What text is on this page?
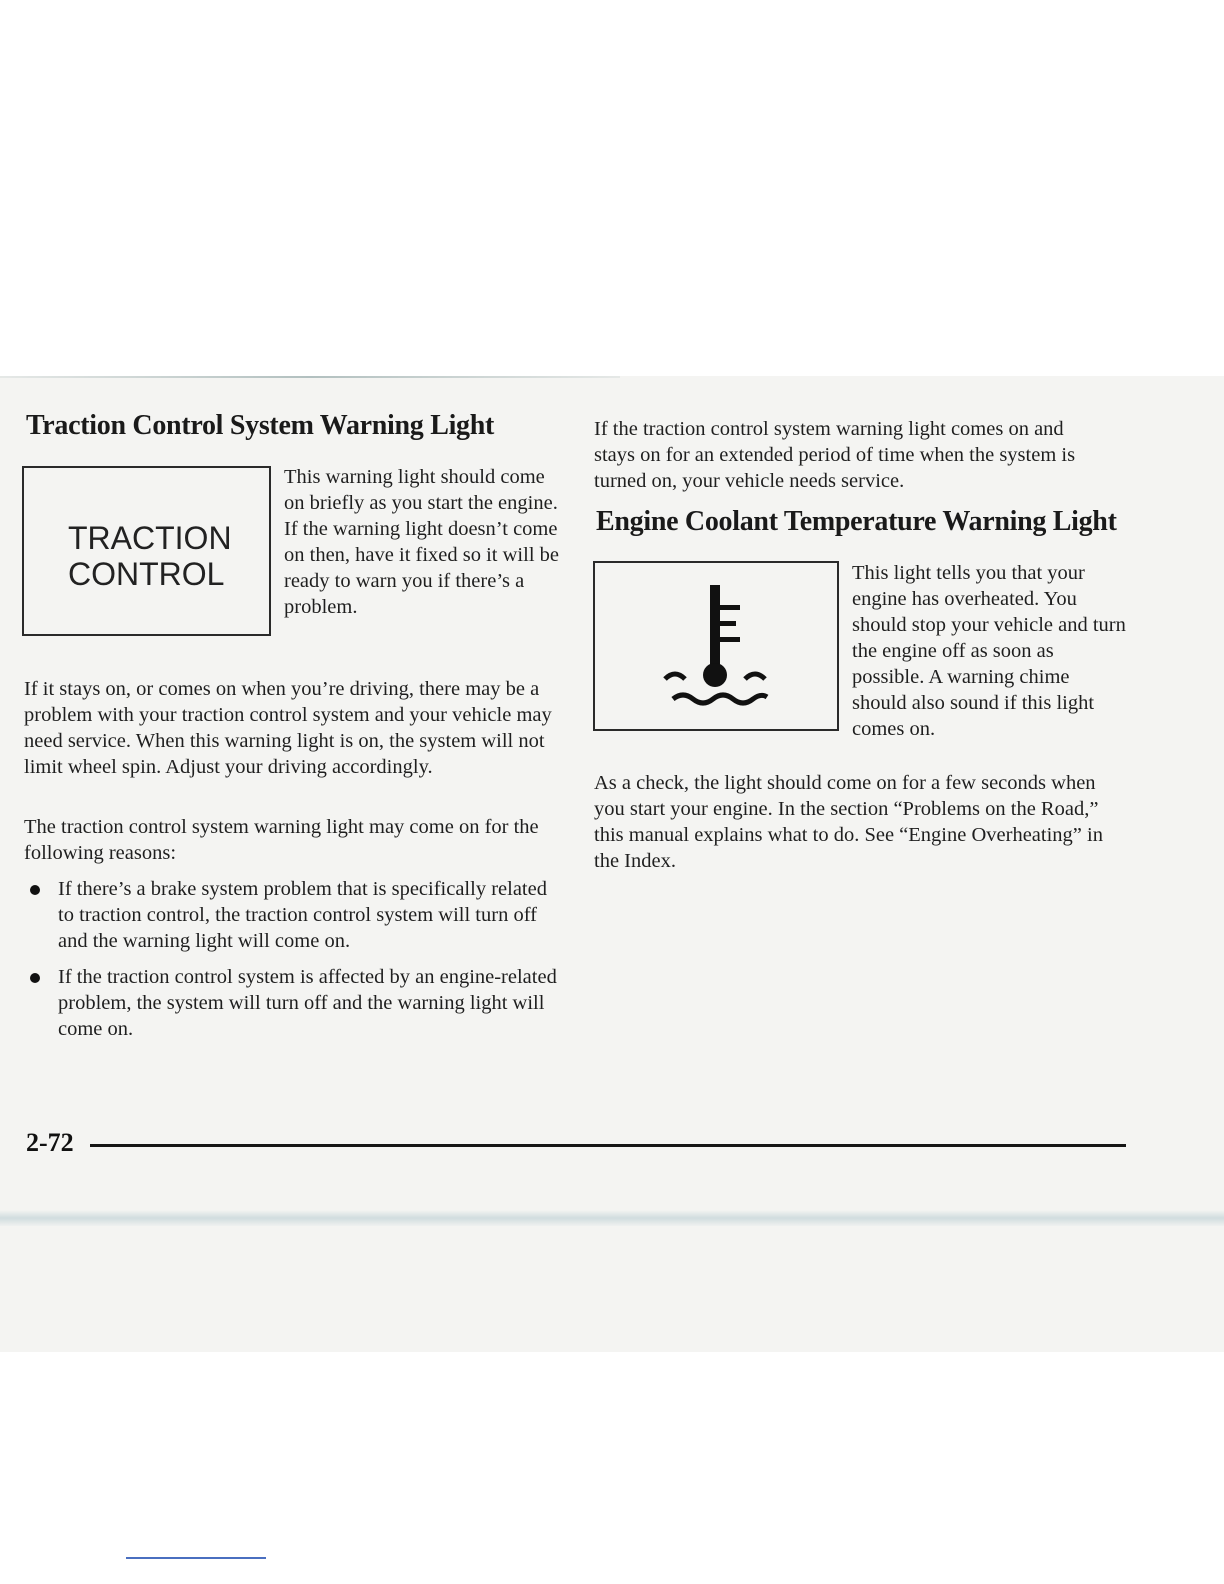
Traction Control System Warning Light
TRACTION
CONTROL

This warning light should come on briefly as you start the engine. If the warning light doesn’t come on then, have it fixed so it will be ready to warn you if there’s a problem.

If it stays on, or comes on when you’re driving, there may be a problem with your traction control system and your vehicle may need service. When this warning light is on, the system will not limit wheel spin. Adjust your driving accordingly.

The traction control system warning light may come on for the following reasons:

If there’s a brake system problem that is specifically related to traction control, the traction control system will turn off and the warning light will come on.
If the traction control system is affected by an engine-related problem, the system will turn off and the warning light will come on.

If the traction control system warning light comes on and stays on for an extended period of time when the system is turned on, your vehicle needs service.

Engine Coolant Temperature Warning Light

This light tells you that your engine has overheated. You should stop your vehicle and turn the engine off as soon as possible. A warning chime should also sound if this light comes on.

As a check, the light should come on for a few seconds when you start your engine. In the section “Problems on the Road,” this manual explains what to do. See “Engine Overheating” in the Index.

2-72
